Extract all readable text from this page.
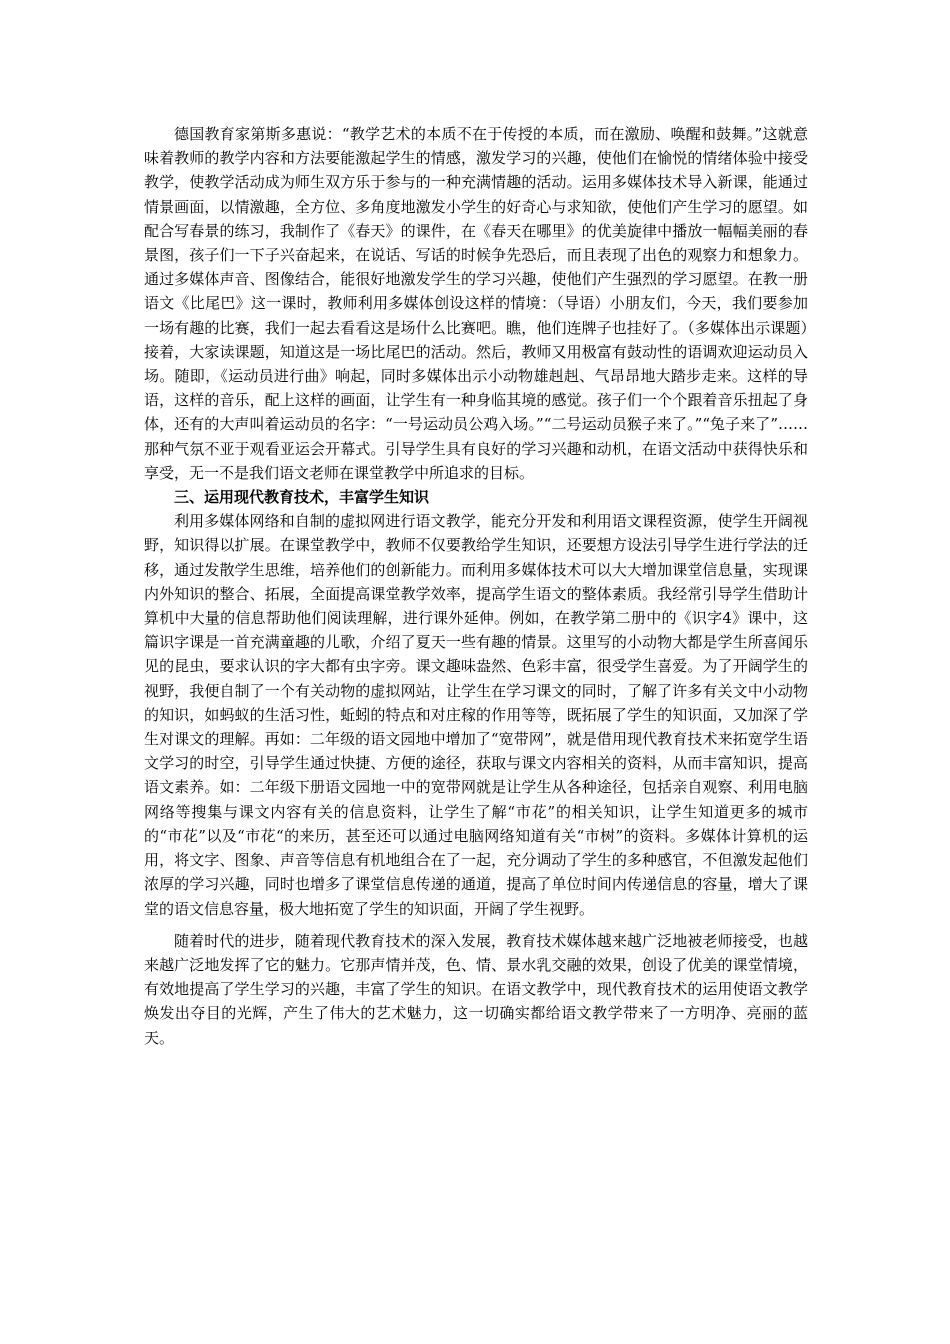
德国教育家第斯多惠说：“教学艺术的本质不在于传授的本质，而在激励、唤醒和鼓舞。”这就意味着教师的教学内容和方法要能激起学生的情感，激发学习的兴趣，使他们在愉悦的情绪体验中接受教学，使教学活动成为师生双方乐于参与的一种充满情趣的活动。运用多媒体技术导入新课，能通过情景画面，以情激趣，全方位、多角度地激发小学生的好奇心与求知欲，使他们产生学习的愿望。如配合写春景的练习，我制作了《春天》的课件，在《春天在哪里》的优美旋律中播放一幅幅美丽的春景图，孩子们一下子兴奋起来，在说话、写话的时候争先恐后，而且表现了出色的观察力和想象力。通过多媒体声音、图像结合，能很好地激发学生的学习兴趣，使他们产生强烈的学习愿望。在教一册语文《比尾巴》这一课时，教师利用多媒体创设这样的情境：（导语）小朋友们，今天，我们要参加一场有趣的比赛，我们一起去看看这是场什么比赛吧。瞧，他们连牌子也挂好了。（多媒体出示课题）接着，大家读课题，知道这是一场比尾巴的活动。然后，教师又用极富有鼓动性的语调欢迎运动员入场。随即，《运动员进行曲》响起，同时多媒体出示小动物雄赳赳、气昂昂地大踏步走来。这样的导语，这样的音乐，配上这样的画面，让学生有一种身临其境的感觉。孩子们一个个跟着音乐扭起了身体，还有的大声叫着运动员的名字：“一号运动员公鸡入场。”“二号运动员猴子来了。”“兔子来了”……那种气氛不亚于观看亚运会开幕式。引导学生具有良好的学习兴趣和动机，在语文活动中获得快乐和享受，无一不是我们语文老师在课堂教学中所追求的目标。

三、运用现代教育技术，丰富学生知识

利用多媒体网络和自制的虚拟网进行语文教学，能充分开发和利用语文课程资源，使学生开阔视野，知识得以扩展。在课堂教学中，教师不仅要教给学生知识，还要想方设法引导学生进行学法的迁移，通过发散学生思维，培养他们的创新能力。而利用多媒体技术可以大大增加课堂信息量，实现课内外知识的整合、拓展，全面提高课堂教学效率，提高学生语文的整体素质。我经常引导学生借助计算机中大量的信息帮助他们阅读理解，进行课外延伸。例如，在教学第二册中的《识字4》课中，这篇识字课是一首充满童趣的儿歌，介绍了夏天一些有趣的情景。这里写的小动物大都是学生所喜闻乐见的昆虫，要求认识的字大都有虫字旁。课文趣味盎然、色彩丰富，很受学生喜爱。为了开阔学生的视野，我便自制了一个有关动物的虚拟网站，让学生在学习课文的同时，了解了许多有关文中小动物的知识，如蚂蚁的生活习性，蚯蚓的特点和对庄稼的作用等等，既拓展了学生的知识面，又加深了学生对课文的理解。再如：二年级的语文园地中增加了“宽带网”，就是借用现代教育技术来拓宽学生语文学习的时空，引导学生通过快捷、方便的途径，获取与课文内容相关的资料，从而丰富知识，提高语文素养。如：二年级下册语文园地一中的宽带网就是让学生从各种途径，包括亲自观察、利用电脑网络等搜集与课文内容有关的信息资料，让学生了解“市花”的相关知识，让学生知道更多的城市的“市花”以及“市花“的来历，甚至还可以通过电脑网络知道有关“市树”的资料。多媒体计算机的运用，将文字、图象、声音等信息有机地组合在了一起，充分调动了学生的多种感官，不但激发起他们浓厚的学习兴趣，同时也增多了课堂信息传递的通道，提高了单位时间内传递信息的容量，增大了课堂的语文信息容量，极大地拓宽了学生的知识面，开阔了学生视野。

随着时代的进步，随着现代教育技术的深入发展，教育技术媒体越来越广泛地被老师接受，也越来越广泛地发挥了它的魅力。它那声情并茂，色、情、景水乳交融的效果，创设了优美的课堂情境，有效地提高了学生学习的兴趣，丰富了学生的知识。在语文教学中，现代教育技术的运用使语文教学焕发出夺目的光辉，产生了伟大的艺术魅力，这一切确实都给语文教学带来了一方明净、亮丽的蓝天。
